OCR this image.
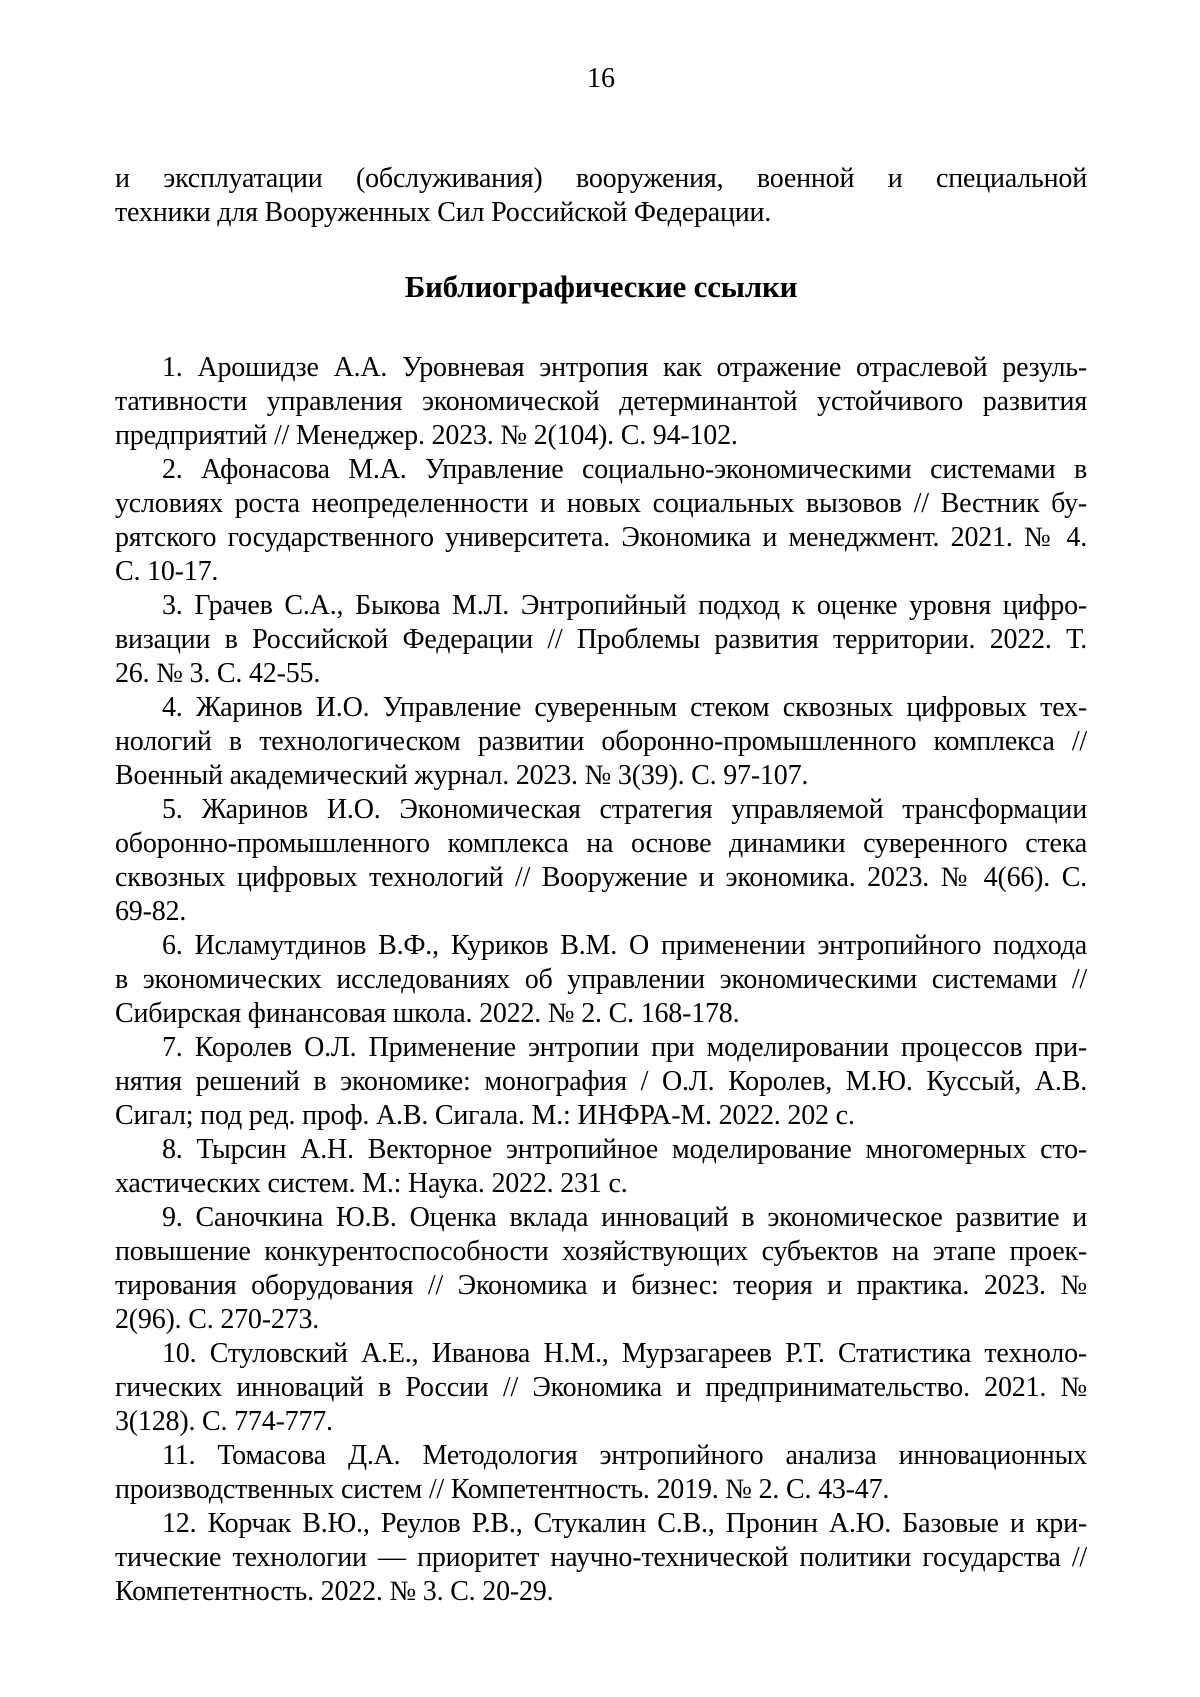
16
и эксплуатации (обслуживания) вооружения, военной и специальной
техники для Вооруженных Сил Российской Федерации.
Библиографические ссылки
1. Арошидзе А.А. Уровневая энтропия как отражение отраслевой резуль-
тативности управления экономической детерминантой устойчивого развития
предприятий // Менеджер. 2023. № 2(104). С. 94-102.
2. Афонасова М.А. Управление социально-экономическими системами в
условиях роста неопределенности и новых социальных вызовов // Вестник бу-
рятского государственного университета. Экономика и менеджмент. 2021. № 4.
С. 10-17.
3. Грачев С.А., Быкова М.Л. Энтропийный подход к оценке уровня цифро-
визации в Российской Федерации // Проблемы развития территории. 2022. Т.
26. № 3. С. 42-55.
4. Жаринов И.О. Управление суверенным стеком сквозных цифровых тех-
нологий в технологическом развитии оборонно-промышленного комплекса //
Военный академический журнал. 2023. № 3(39). С. 97-107.
5. Жаринов И.О. Экономическая стратегия управляемой трансформации
оборонно-промышленного комплекса на основе динамики суверенного стека
сквозных цифровых технологий // Вооружение и экономика. 2023. № 4(66). С.
69-82.
6. Исламутдинов В.Ф., Куриков В.М. О применении энтропийного подхода
в экономических исследованиях об управлении экономическими системами //
Сибирская финансовая школа. 2022. № 2. С. 168-178.
7. Королев О.Л. Применение энтропии при моделировании процессов при-
нятия решений в экономике: монография / О.Л. Королев, М.Ю. Куссый, А.В.
Сигал; под ред. проф. А.В. Сигала. М.: ИНФРА-М. 2022. 202 с.
8. Тырсин А.Н. Векторное энтропийное моделирование многомерных сто-
хастических систем. М.: Наука. 2022. 231 с.
9. Саночкина Ю.В. Оценка вклада инноваций в экономическое развитие и
повышение конкурентоспособности хозяйствующих субъектов на этапе проек-
тирования оборудования // Экономика и бизнес: теория и практика. 2023. №
2(96). С. 270-273.
10. Стуловский А.Е., Иванова Н.М., Мурзагареев Р.Т. Статистика техноло-
гических инноваций в России // Экономика и предпринимательство. 2021. №
3(128). С. 774-777.
11. Томасова Д.А. Методология энтропийного анализа инновационных
производственных систем // Компетентность. 2019. № 2. С. 43-47.
12. Корчак В.Ю., Реулов Р.В., Стукалин С.В., Пронин А.Ю. Базовые и кри-
тические технологии — приоритет научно-технической политики государства //
Компетентность. 2022. № 3. С. 20-29.
